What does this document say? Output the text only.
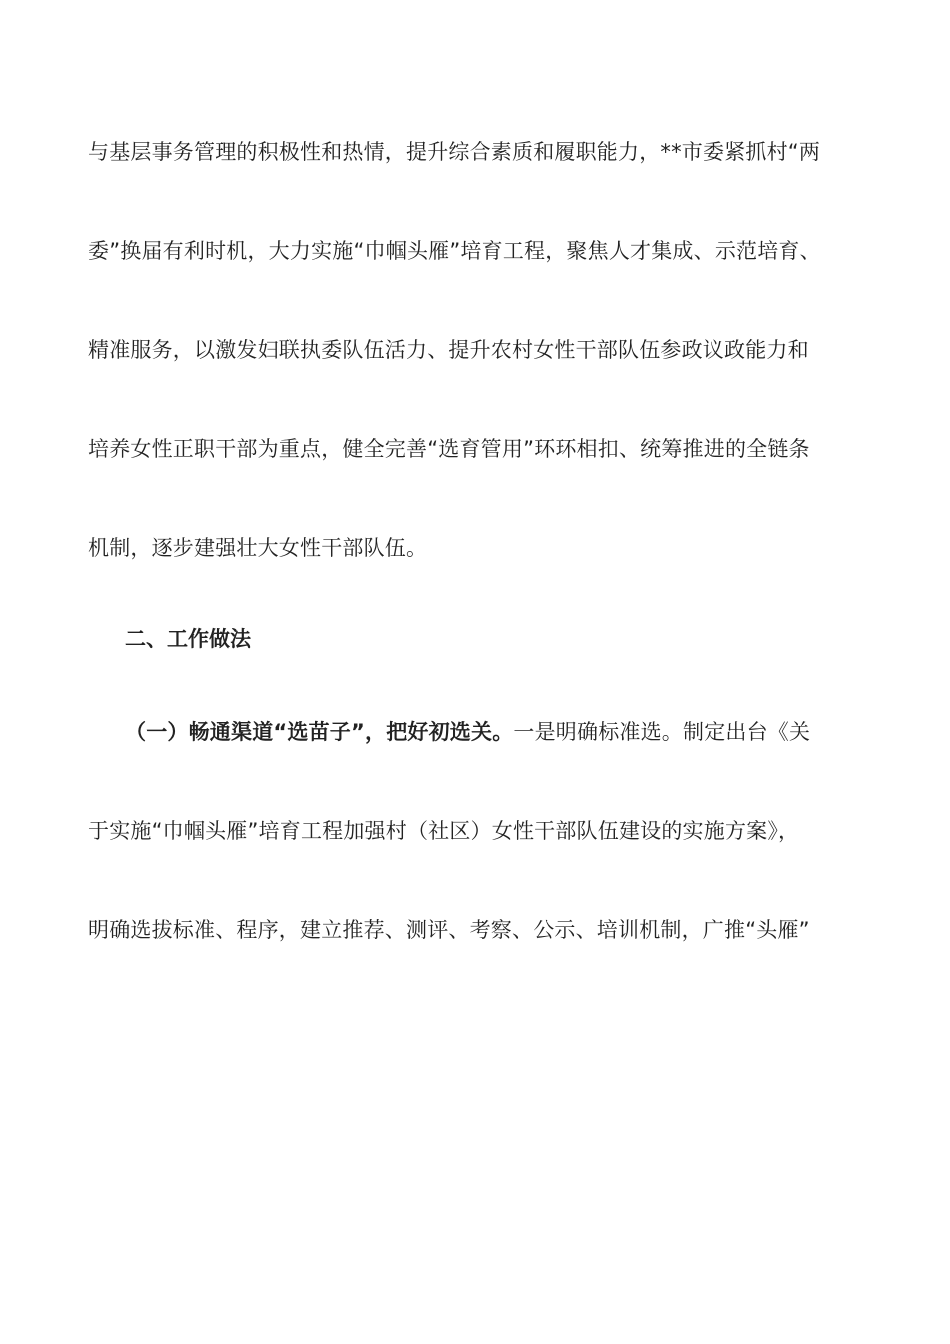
与基层事务管理的积极性和热情，提升综合素质和履职能力，**市委紧抓村“两
委”换届有利时机，大力实施“巾帼头雁”培育工程，聚焦人才集成、示范培育、
精准服务，以激发妇联执委队伍活力、提升农村女性干部队伍参政议政能力和
培养女性正职干部为重点，健全完善“选育管用”环环相扣、统筹推进的全链条
机制，逐步建强壮大女性干部队伍。
二、工作做法
（一）畅通渠道“选苗子”，把好初选关。一是明确标准选。制定出台《关
于实施“巾帼头雁”培育工程加强村（社区）女性干部队伍建设的实施方案》，
明确选拔标准、程序，建立推荐、测评、考察、公示、培训机制，广推“头雁”
